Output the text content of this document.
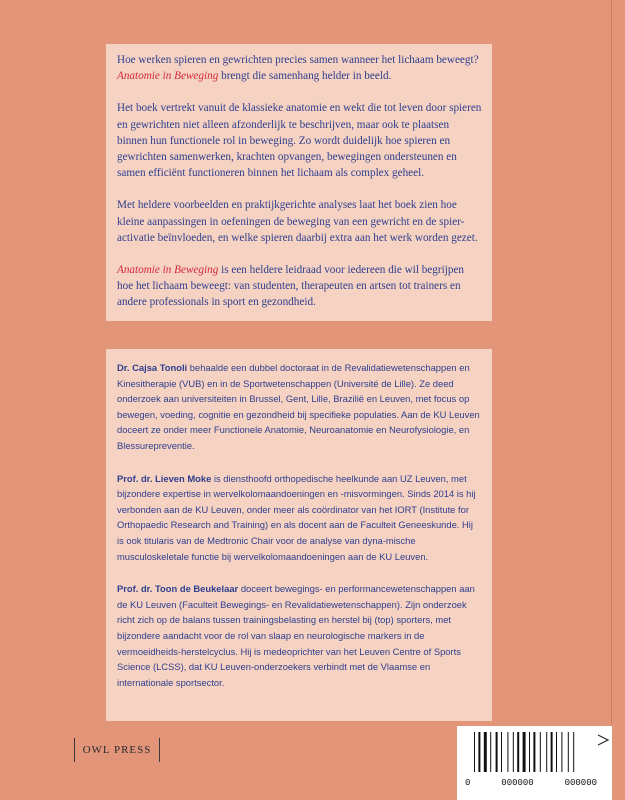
Hoe werken spieren en gewrichten precies samen wanneer het lichaam beweegt?
Anatomie in Beweging brengt die samenhang helder in beeld.

Het boek vertrekt vanuit de klassieke anatomie en wekt die tot leven door spieren en gewrichten niet alleen afzonderlijk te beschrijven, maar ook te plaatsen binnen hun functionele rol in beweging. Zo wordt duidelijk hoe spieren en gewrichten samenwerken, krachten opvangen, bewegingen ondersteunen en samen efficiënt functioneren binnen het lichaam als complex geheel.

Met heldere voorbeelden en praktijkgerichte analyses laat het boek zien hoe kleine aanpassingen in oefeningen de beweging van een gewricht en de spier-activatie beïnvloeden, en welke spieren daarbij extra aan het werk worden gezet.

Anatomie in Beweging is een heldere leidraad voor iedereen die wil begrijpen hoe het lichaam beweegt: van studenten, therapeuten en artsen tot trainers en andere professionals in sport en gezondheid.

Dr. Cajsa Tonoli behaalde een dubbel doctoraat in de Revalidatiewetenschappen en Kinesitherapie (VUB) en in de Sportwetenschappen (Université de Lille). Ze deed onderzoek aan universiteiten in Brussel, Gent, Lille, Brazilië en Leuven, met focus op bewegen, voeding, cognitie en gezondheid bij specifieke populaties. Aan de KU Leuven doceert ze onder meer Functionele Anatomie, Neuroanatomie en Neurofysiologie, en Blessurepreventie.

Prof. dr. Lieven Moke is diensthoofd orthopedische heelkunde aan UZ Leuven, met bijzondere expertise in wervelkolomaandoeningen en -misvormingen. Sinds 2014 is hij verbonden aan de KU Leuven, onder meer als coördinator van het IORT (Institute for Orthopaedic Research and Training) en als docent aan de Faculteit Geneeskunde. Hij is ook titularis van de Medtronic Chair voor de analyse van dyna-mische musculoskeletale functie bij wervelkolomaandoeningen aan de KU Leuven.

Prof. dr. Toon de Beukelaar doceert bewegings- en performancewetenschappen aan de KU Leuven (Faculteit Bewegings- en Revalidatiewetenschappen). Zijn onderzoek richt zich op de balans tussen trainingsbelasting en herstel bij (top) sporters, met bijzondere aandacht voor de rol van slaap en neurologische markers in de vermoeidheids-herstelcyclus. Hij is medeoprichter van het Leuven Centre of Sports Science (LCSS), dat KU Leuven-onderzoekers verbindt met de Vlaamse en internationale sportsector.

OWL PRESS
0	000000	000000
